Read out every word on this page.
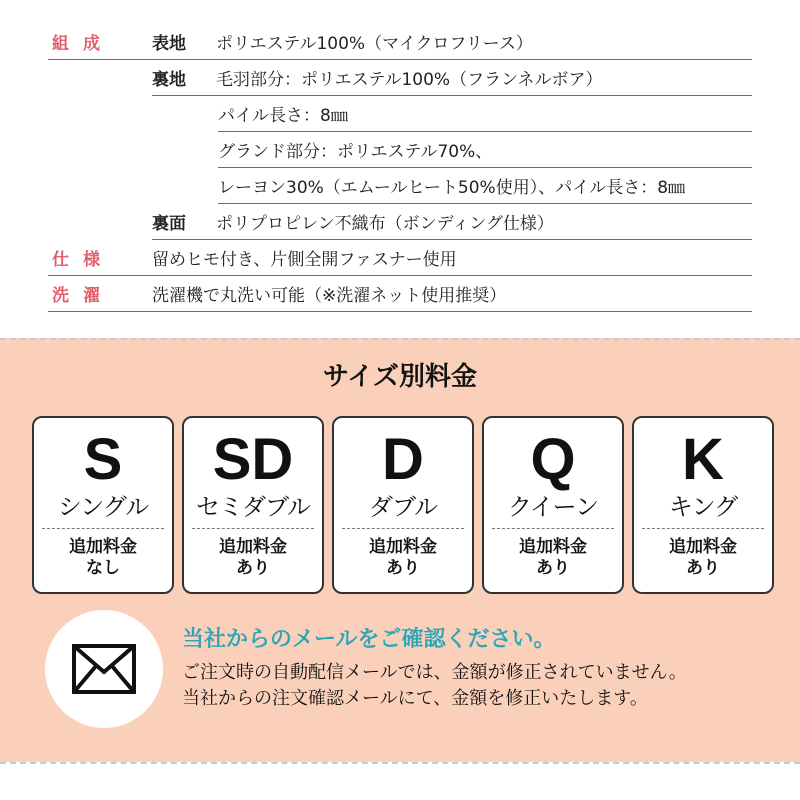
組成	表地	ポリエステル100%（マイクロフリース）
裏地	毛羽部分：ポリエステル100%（フランネルボア）
パイル長さ：8㎜
グランド部分：ポリエステル70%、
レーヨン30%（エムールヒート50%使用）、パイル長さ：8㎜
裏面	ポリプロピレン不織布（ボンディング仕様）
仕様	留めヒモ付き、片側全開ファスナー使用
洗濯	洗濯機で丸洗い可能（※洗濯ネット使用推奨）
サイズ別料金
S
シングル
追加料金
なし
SD
セミダブル
追加料金
あり
D
ダブル
追加料金
あり
Q
クイーン
追加料金
あり
K
キング
追加料金
あり
当社からのメールをご確認ください。
ご注文時の自動配信メールでは、金額が修正されていません。
当社からの注文確認メールにて、金額を修正いたします。
